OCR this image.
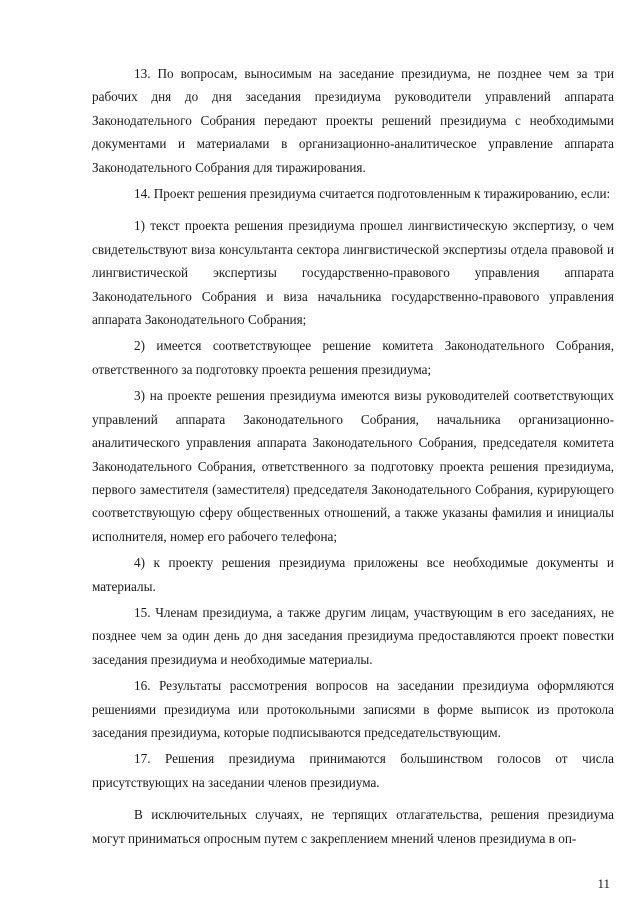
13. По вопросам, выносимым на заседание президиума, не позднее чем за три рабочих дня до дня заседания президиума руководители управлений аппарата Законодательного Собрания передают проекты решений президиума с необходимыми документами и материалами в организационно-аналитическое управление аппарата Законодательного Собрания для тиражирования.

14. Проект решения президиума считается подготовленным к тиражированию, если:

1) текст проекта решения президиума прошел лингвистическую экспертизу, о чем свидетельствуют виза консультанта сектора лингвистической экспертизы отдела правовой и лингвистической экспертизы государственно-правового управления аппарата Законодательного Собрания и виза начальника государственно-правового управления аппарата Законодательного Собрания;

2) имеется соответствующее решение комитета Законодательного Собрания, ответственного за подготовку проекта решения президиума;

3) на проекте решения президиума имеются визы руководителей соответствующих управлений аппарата Законодательного Собрания, начальника организационно-аналитического управления аппарата Законодательного Собрания, председателя комитета Законодательного Собрания, ответственного за подготовку проекта решения президиума, первого заместителя (заместителя) председателя Законодательного Собрания, курирующего соответствующую сферу общественных отношений, а также указаны фамилия и инициалы исполнителя, номер его рабочего телефона;

4) к проекту решения президиума приложены все необходимые документы и материалы.

15. Членам президиума, а также другим лицам, участвующим в его заседаниях, не позднее чем за один день до дня заседания президиума предоставляются проект повестки заседания президиума и необходимые материалы.

16. Результаты рассмотрения вопросов на заседании президиума оформляются решениями президиума или протокольными записями в форме выписок из протокола заседания президиума, которые подписываются председательствующим.

17. Решения президиума принимаются большинством голосов от числа присутствующих на заседании членов президиума.

В исключительных случаях, не терпящих отлагательства, решения президиума могут приниматься опросным путем с закреплением мнений членов президиума в оп-

11
